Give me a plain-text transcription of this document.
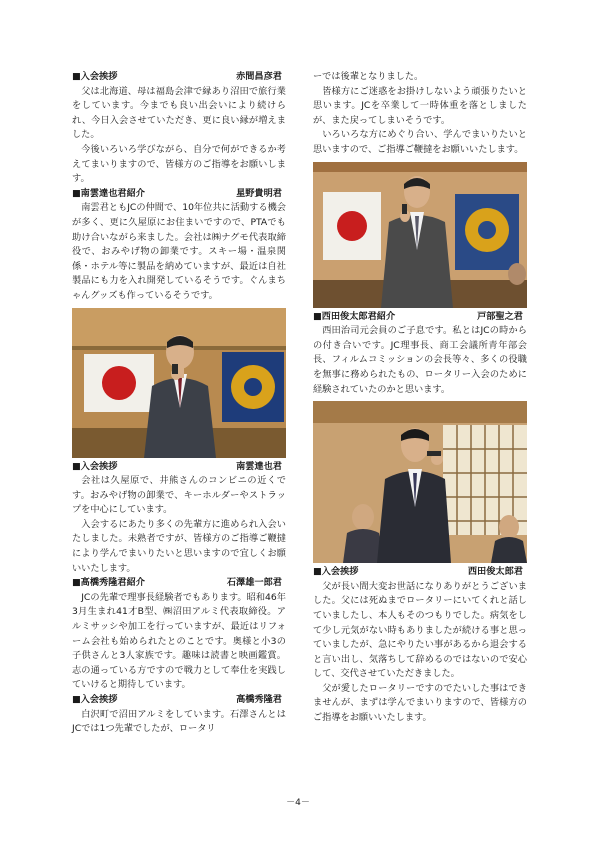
■入会挨拶	赤間昌彦君

父は北海道、母は福島会津で縁あり沼田で旅行業をしています。今までも良い出会いにより続けられ、今日入会させていただき、更に良い縁が増えました。

今後いろいろ学びながら、自分で何ができるか考えてまいりますので、皆様方のご指導をお願いします。

■南雲達也君紹介	星野貴明君

南雲君ともJCの仲間で、10年位共に活動する機会が多く、更に久屋原にお住まいですので、PTAでも助け合いながら来ました。会社は㈱ナグモ代表取締役で、おみやげ物の卸業です。スキー場・温泉関係・ホテル等に製品を納めていますが、最近は自社製品にも力を入れ開発しているそうです。ぐんまちゃんグッズも作っているそうです。

■入会挨拶	南雲達也君

会社は久屋原で、井熊さんのコンビニの近くです。おみやげ物の卸業で、キーホルダーやストラップを中心にしています。

入会するにあたり多くの先輩方に進められ入会いたしました。未熟者ですが、皆様方のご指導ご鞭撻により学んでまいりたいと思いますので宜しくお願いいたします。

■高橋秀隆君紹介	石澤雄一郎君

JCの先輩で理事長経験者でもあります。昭和46年3月生まれ41才B型、㈱沼田アルミ代表取締役。アルミサッシや加工を行っていますが、最近はリフォーム会社も始められたとのことです。奥様と小3の子供さんと3人家族です。趣味は読書と映画鑑賞。志の通っている方ですので戦力として奉仕を実践していけると期待しています。

■入会挨拶	高橋秀隆君

白沢町で沼田アルミをしています。石澤さんとはJCでは1つ先輩でしたが、ロータリ

ーでは後輩となりました。

皆様方にご迷惑をお掛けしないよう頑張りたいと思います。JCを卒業して一時体重を落としましたが、また戻ってしまいそうです。

いろいろな方にめぐり合い、学んでまいりたいと思いますので、ご指導ご鞭撻をお願いいたします。

■西田俊太郎君紹介	戸部聖之君

西田治司元会員のご子息です。私とはJCの時からの付き合いです。JC理事長、商工会議所青年部会長、フィルムコミッションの会長等々、多くの役職を無事に務められたもの、ロータリー入会のために経験されていたのかと思います。

■入会挨拶	西田俊太郎君

父が長い間大変お世話になりありがとうございました。父には死ぬまでロータリーにいてくれと話していましたし、本人もそのつもりでした。病気をして少し元気がない時もありましたが続ける事と思っていましたが、急にやりたい事があるから退会すると言い出し、気落ちして辞めるのではないので安心して、交代させていただきました。

父が愛したロータリーですのでたいした事はできませんが、まずは学んでまいりますので、皆様方のご指導をお願いいたします。

－4－
